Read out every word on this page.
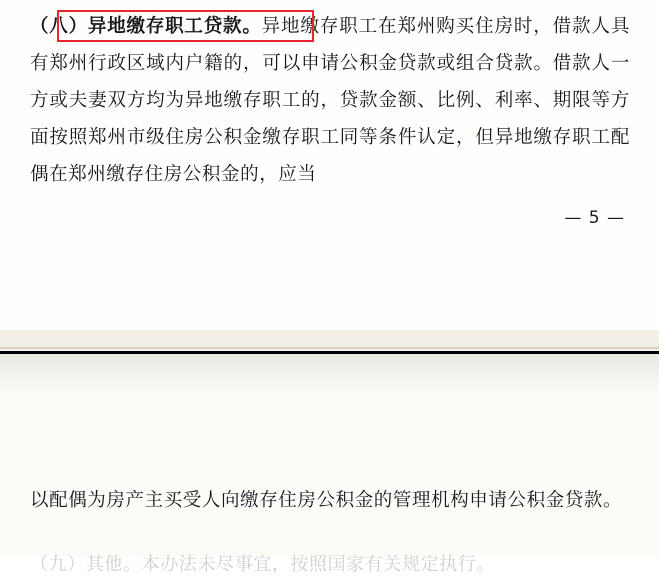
（八）异地缴存职工贷款。异地缴存职工在郑州购买住房时，借款人具有郑州行政区域内户籍的，可以申请公积金贷款或组合贷款。借款人一方或夫妻双方均为异地缴存职工的，贷款金额、比例、利率、期限等方面按照郑州市级住房公积金缴存职工同等条件认定，但异地缴存职工配偶在郑州缴存住房公积金的，应当

— 5 —

以配偶为房产主买受人向缴存住房公积金的管理机构申请公积金贷款。

（九）其他。本办法未尽事宜，按照国家有关规定执行。
